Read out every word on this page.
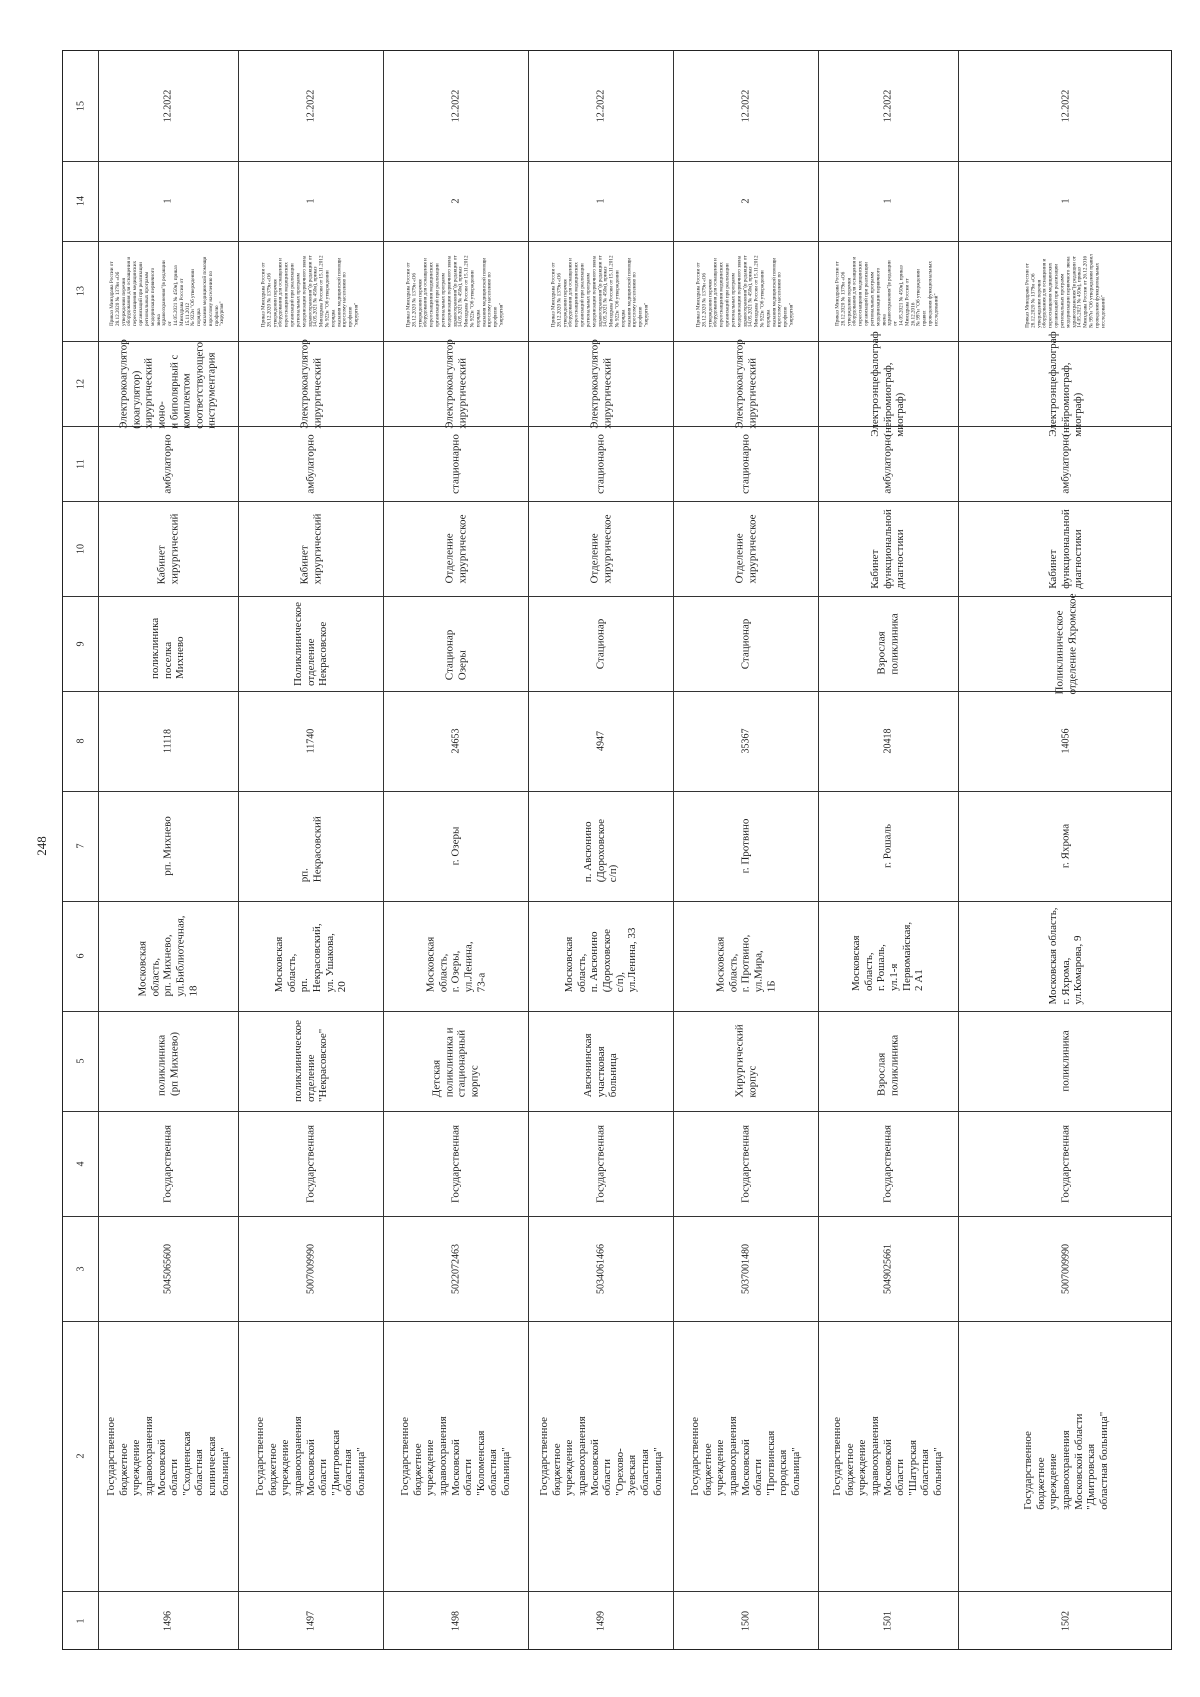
248
1
2
3
4
5
6
7
8
9
10
11
12
13
14
15
1496
Государственное бюджетное
учреждение здравоохранения
Московской области "Сходненская
областная клиническая больница"
5045065600
Государственная
поликлиника (рп Михнево)
Московская область,
рп. Михнево,
ул.Библиотечная, 18
рп. Михнево
11118
поликлиника поселка
Михнево
Кабинет
хирургический
амбулаторно
Электрокоагулятор
(коагулятор)
хирургический моно-
и биполярный с
комплектом
соответствующего
инструментария
Приказ Минздрава России от
28.12.2020 № 1379н «Об
утверждении перечня
оборудования для оснащения и
переоснащения медицинских
организаций при реализации
региональных программ
модернизации первичного звена
здравоохранения"(в редакции от
14.05.2021 № 450н), приказ
Минздрава России от 15.11.2012
№ 922н "Об утверждении порядка
оказания медицинской помощи
взрослому населению по профилю
"хирургия"
1
12.2022
1497
Государственное бюджетное
учреждение здравоохранения
Московской области "Дмитровская
областная больница"
5007009990
Государственная
поликлиническое отделение
"Некрасовское"
Московская область,
рп. Некрасовский,
ул. Ушакова, 20
рп. Некрасовский
11740
Поликлиническое
отделение
Некрасовское
Кабинет
хирургический
амбулаторно
Электрокоагулятор
хирургический
Приказ Минздрава России от
28.12.2020 № 1379н «Об
утверждении перечня
оборудования для оснащения и
переоснащения медицинских
организаций при реализации
региональных программ
модернизации первичного звена
здравоохранения"(в редакции от
14.05.2021 № 450н), приказ
Минздрава России от 15.11.2012
№ 922н "Об утверждении порядка
оказания медицинской помощи
взрослому населению по профилю
"хирургия"
1
12.2022
1498
Государственное бюджетное
учреждение здравоохранения
Московской области "Коломенская
областная больница"
5022072463
Государственная
Детская поликлиника и
стационарный корпус
Московская область,
г. Озеры, ул.Ленина,
73-а
г. Озеры
24653
Стационар Озеры
Отделение
хирургическое
стационарно
Электрокоагулятор
хирургический
Приказ Минздрава России от
28.12.2020 № 1379н «Об
утверждении перечня
оборудования для оснащения и
переоснащения медицинских
организаций при реализации
региональных программ
модернизации первичного звена
здравоохранения"(в редакции от
14.05.2021 № 450н), приказ
Минздрава России от 15.11.2012
№ 922н "Об утверждении порядка
оказания медицинской помощи
взрослому населению по профилю
"хирургия"
2
12.2022
1499
Государственное бюджетное
учреждение здравоохранения
Московской области "Орехово-
Зуевская областная больница"
5034061466
Государственная
Авсюнинская участковая
больница
Московская область,
п. Авсюнино
(Дороховское с/п),
ул.Ленина, 33
п. Авсюнино (Дороховское
с/п)
4947
Стационар
Отделение
хирургическое
стационарно
Электрокоагулятор
хирургический
Приказ Минздрава России от
28.12.2020 № 1379н «Об
утверждении перечня
оборудования для оснащения и
переоснащения медицинских
организаций при реализации
региональных программ
модернизации первичного звена
здравоохранения"(в редакции от
14.05.2021 № 450н), приказ
Минздрава России от 15.11.2012
№ 922н "Об утверждении порядка
оказания медицинской помощи
взрослому населению по профилю
"хирургия"
1
12.2022
1500
Государственное бюджетное
учреждение здравоохранения
Московской области "Протвинская
городская больница"
5037001480
Государственная
Хирургический корпус
Московская область,
г. Протвино, ул.Мира,
1Б
г. Протвино
35367
Стационар
Отделение
хирургическое
стационарно
Электрокоагулятор
хирургический
Приказ Минздрава России от
28.12.2020 № 1379н «Об
утверждении перечня
оборудования для оснащения и
переоснащения медицинских
организаций при реализации
региональных программ
модернизации первичного звена
здравоохранения"(в редакции от
14.05.2021 № 450н), приказ
Минздрава России от 15.11.2012
№ 922н "Об утверждении порядка
оказания медицинской помощи
взрослому населению по профилю
"хирургия"
2
12.2022
1501
Государственное бюджетное
учреждение здравоохранения
Московской области "Шатурская
областная больница"
5049025661
Государственная
Взрослая поликлиника
Московская область,
г. Рошаль, ул.1-я
Первомайская, 2 А1
г. Рошаль
20418
Взрослая
поликлиника
Кабинет
функциональной
диагностики
амбулаторно
Электроэнцефалограф
(нейромиограф,
миограф)
Приказ Минздрава России от
28.12.2020 № 1379н «Об
утверждении перечня
оборудования для оснащения и
переоснащения медицинских
организаций при реализации
региональных программ
модернизации первичного звена
здравоохранения"(в редакции от
14.05.2021 № 450н), приказ
Минздрава России от 26.12.2016
№ 997н "Об утверждении правил
проведения функциональных
исследований"
1
12.2022
1502
Государственное бюджетное
учреждение здравоохранения
Московской области "Дмитровская
областная больница"
5007009990
Государственная
поликлиника
Московская область,
г. Яхрома,
ул.Комарова, 9
г. Яхрома
14056
Поликлиническое
отделение Яхромское
Кабинет
функциональной
диагностики
амбулаторно
Электроэнцефалограф
(нейромиограф,
миограф)
Приказ Минздрава России от
28.12.2020 № 1379н «Об
утверждении перечня
оборудования для оснащения и
переоснащения медицинских
организаций при реализации
региональных программ
модернизации первичного звена
здравоохранения"(в редакции от
14.05.2021 № 450н), приказ
Минздрава России от 26.12.2016
№ 997н "Об утверждении правил
проведения функциональных
исследований"
1
12.2022
